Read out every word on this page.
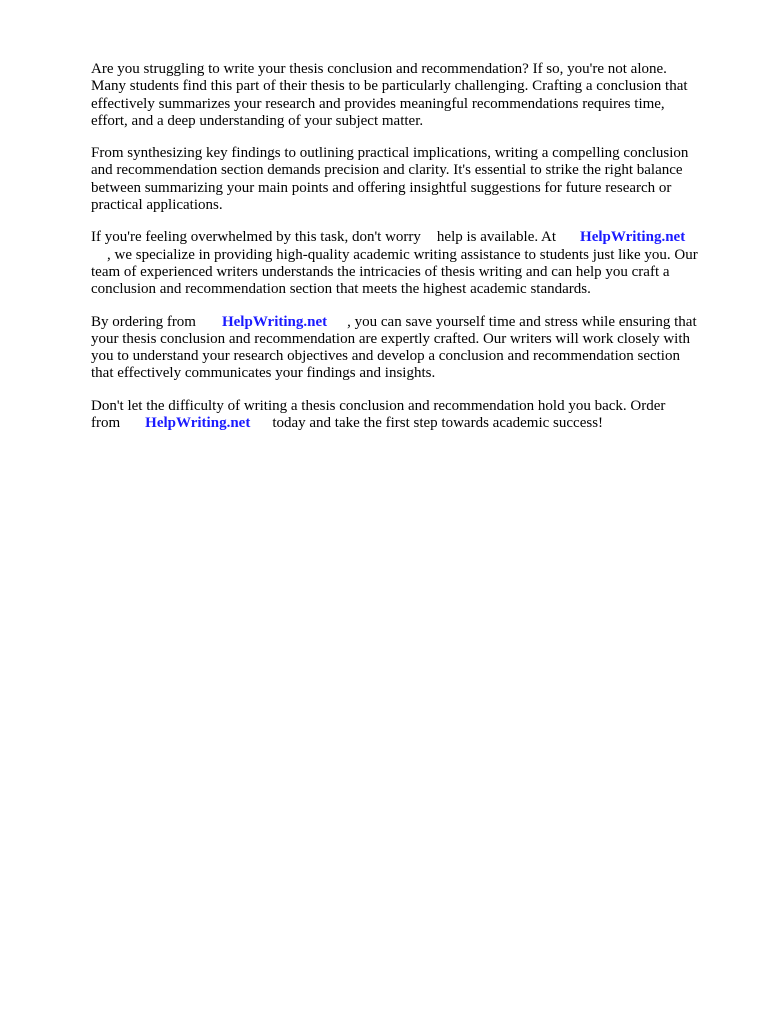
Are you struggling to write your thesis conclusion and recommendation? If so, you're not alone.
Many students find this part of their thesis to be particularly challenging. Crafting a conclusion that
effectively summarizes your research and provides meaningful recommendations requires time,
effort, and a deep understanding of your subject matter.

From synthesizing key findings to outlining practical implications, writing a compelling conclusion
and recommendation section demands precision and clarity. It's essential to strike the right balance
between summarizing your main points and offering insightful suggestions for future research or
practical applications.

If you're feeling overwhelmed by this task, don't worry help is available. At HelpWriting.net
, we specialize in providing high-quality academic writing assistance to students just like you. Our
team of experienced writers understands the intricacies of thesis writing and can help you craft a
conclusion and recommendation section that meets the highest academic standards.

By ordering from HelpWriting.net , you can save yourself time and stress while ensuring that
your thesis conclusion and recommendation are expertly crafted. Our writers will work closely with
you to understand your research objectives and develop a conclusion and recommendation section
that effectively communicates your findings and insights.

Don't let the difficulty of writing a thesis conclusion and recommendation hold you back. Order
from HelpWriting.net today and take the first step towards academic success!
